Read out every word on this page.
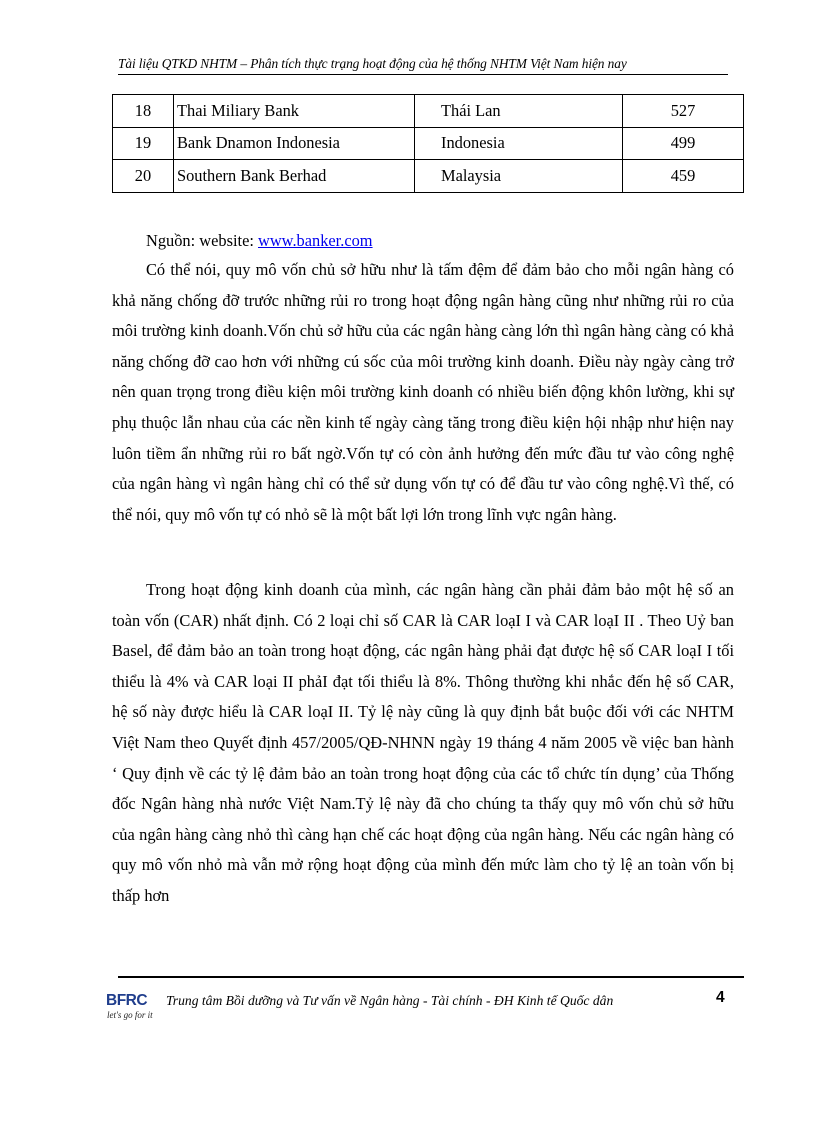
Tài liệu QTKD NHTM – Phân tích thực trạng hoạt động của hệ thống NHTM Việt Nam hiện nay
18	Thai Miliary Bank	Thái Lan	527
19	Bank Dnamon Indonesia	Indonesia	499
20	Southern Bank Berhad	Malaysia	459
Nguồn: website: www.banker.com

Có thể nói, quy mô vốn chủ sở hữu như là tấm đệm để đảm bảo cho mỗi ngân hàng có khả năng chống đỡ trước những rủi ro trong hoạt động ngân hàng cũng như những rủi ro của môi trường kinh doanh.Vốn chủ sở hữu của các ngân hàng càng lớn thì ngân hàng càng có khả năng chống đỡ cao hơn với những cú sốc của môi trường kinh doanh. Điều này ngày càng trở nên quan trọng trong điều kiện môi trường kinh doanh có nhiều biến động khôn lường, khi sự phụ thuộc lẫn nhau của các nền kinh tế ngày càng tăng trong điều kiện hội nhập như hiện nay luôn tiềm ẩn những rủi ro bất ngờ.Vốn tự có còn ảnh hưởng đến mức đầu tư vào công nghệ của ngân hàng vì ngân hàng chỉ có thể sử dụng vốn tự có để đầu tư vào công nghệ.Vì thế, có thể nói, quy mô vốn tự có nhỏ sẽ là một bất lợi lớn trong lĩnh vực ngân hàng.

Trong hoạt động kinh doanh của mình, các ngân hàng cần phải đảm bảo một hệ số an toàn vốn (CAR) nhất định. Có 2 loại chỉ số CAR là CAR loạI I và CAR loạI II . Theo Uỷ ban Basel, để đảm bảo an toàn trong hoạt động, các ngân hàng phải đạt được hệ số CAR loạI I tối thiểu là 4% và CAR loại II phảI đạt tối thiểu là 8%. Thông thường khi nhắc đến hệ số CAR, hệ số này được hiểu là CAR loạI II. Tỷ lệ này cũng là quy định bắt buộc đối với các NHTM Việt Nam theo Quyết định 457/2005/QĐ-NHNN ngày 19 tháng 4 năm 2005 về việc ban hành ‘ Quy định về các tỷ lệ đảm bảo an toàn trong hoạt động của các tổ chức tín dụng’ của Thống đốc Ngân hàng nhà nước Việt Nam.Tỷ lệ này đã cho chúng ta thấy quy mô vốn chủ sở hữu của ngân hàng càng nhỏ thì càng hạn chế các hoạt động của ngân hàng. Nếu các ngân hàng có quy mô vốn nhỏ mà vẫn mở rộng hoạt động của mình đến mức làm cho tỷ lệ an toàn vốn bị thấp hơn

BFRC
let's go for it
Trung tâm Bồi dưỡng và Tư vấn về Ngân hàng - Tài chính - ĐH Kinh tế Quốc dân	4
